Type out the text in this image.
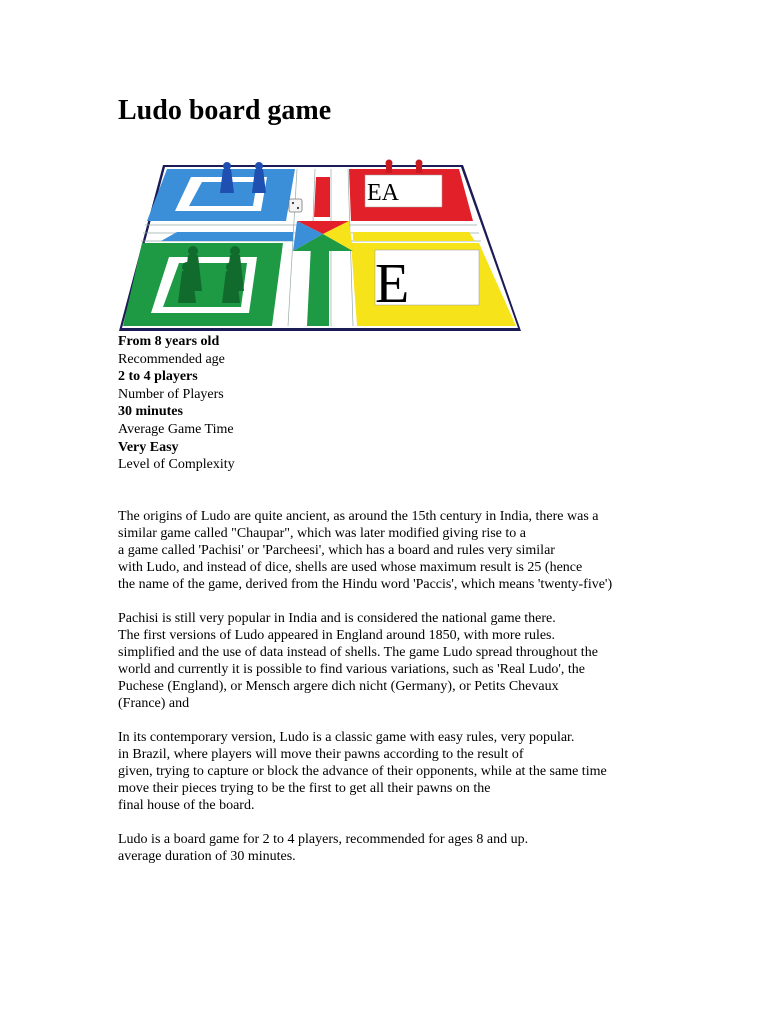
Ludo board game
EA
E
From 8 years old
Recommended age
2 to 4 players
Number of Players
30 minutes
Average Game Time
Very Easy
Level of Complexity
The origins of Ludo are quite ancient, as around the 15th century in India, there was a
similar game called "Chaupar", which was later modified giving rise to a
a game called 'Pachisi' or 'Parcheesi', which has a board and rules very similar
with Ludo, and instead of dice, shells are used whose maximum result is 25 (hence
the name of the game, derived from the Hindu word 'Paccis', which means 'twenty-five')
Pachisi is still very popular in India and is considered the national game there.
The first versions of Ludo appeared in England around 1850, with more rules.
simplified and the use of data instead of shells. The game Ludo spread throughout the
world and currently it is possible to find various variations, such as 'Real Ludo', the
Puchese (England), or Mensch argere dich nicht (Germany), or Petits Chevaux
(France) and
In its contemporary version, Ludo is a classic game with easy rules, very popular.
in Brazil, where players will move their pawns according to the result of
given, trying to capture or block the advance of their opponents, while at the same time
move their pieces trying to be the first to get all their pawns on the
final house of the board.
Ludo is a board game for 2 to 4 players, recommended for ages 8 and up.
average duration of 30 minutes.
